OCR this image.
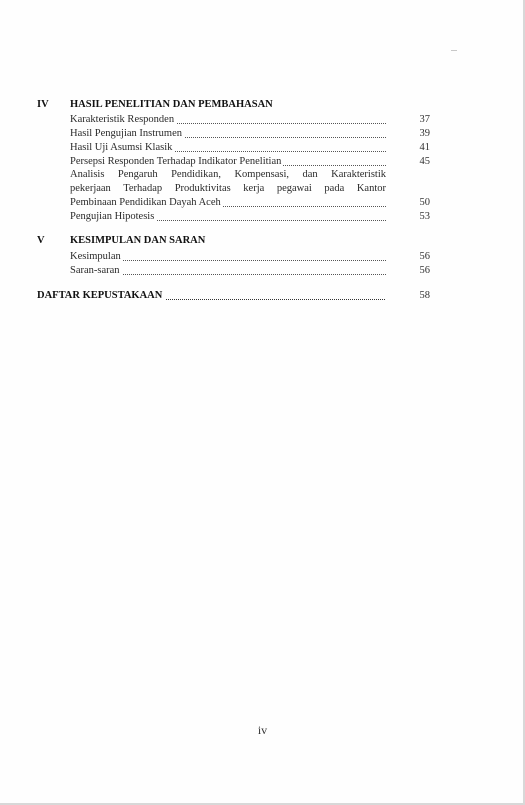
IV HASIL PENELITIAN DAN PEMBAHASAN
Karakteristik Responden	37
Hasil Pengujian Instrumen	39
Hasil Uji Asumsi Klasik	41
Persepsi Responden Terhadap Indikator Penelitian	45
Analisis Pengaruh Pendidikan, Kompensasi, dan Karakteristik
pekerjaan Terhadap Produktivitas kerja pegawai pada Kantor
Pembinaan Pendidikan Dayah Aceh	50
Pengujian Hipotesis	53
V KESIMPULAN DAN SARAN
Kesimpulan	56
Saran-saran	56
DAFTAR KEPUSTAKAAN	58
iv
